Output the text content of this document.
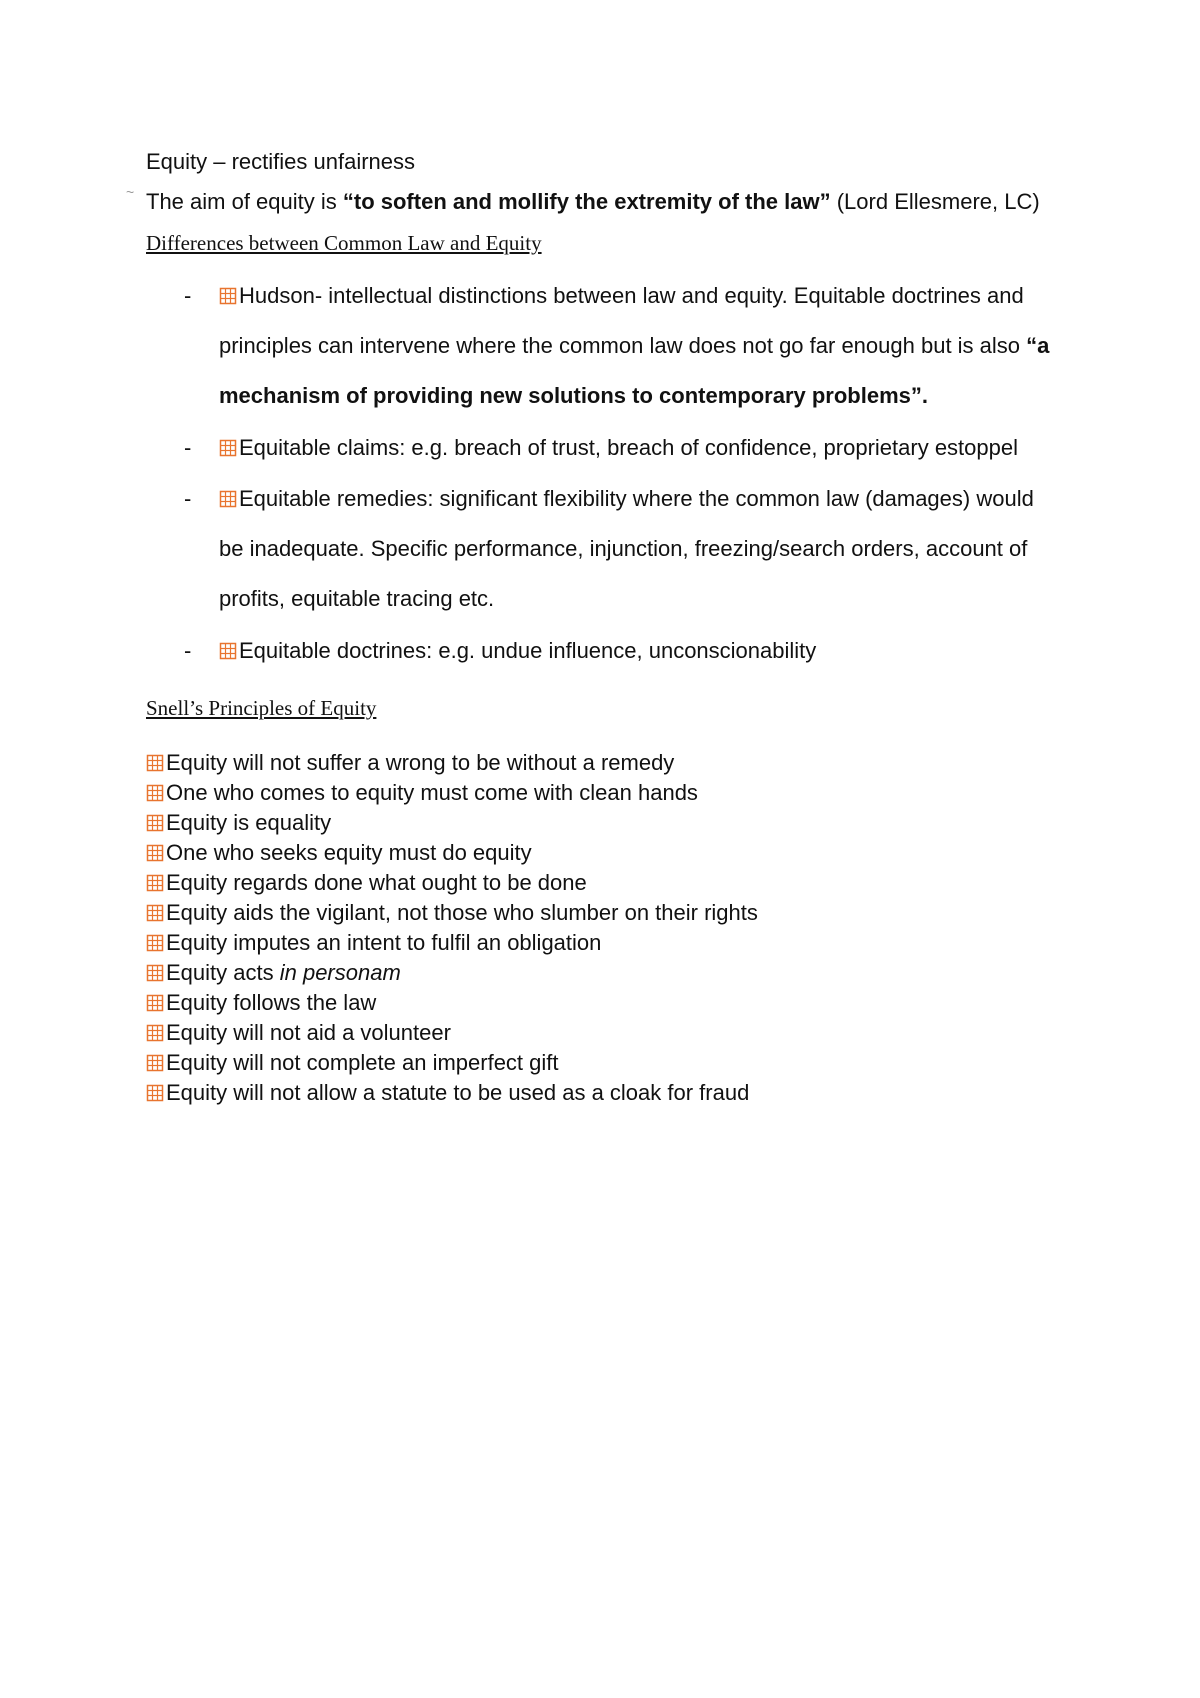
Equity – rectifies unfairness
~ The aim of equity is “to soften and mollify the extremity of the law” (Lord Ellesmere, LC)
Differences between Common Law and Equity
-	Hudson- intellectual distinctions between law and equity. Equitable doctrines and
principles can intervene where the common law does not go far enough but is also “a
mechanism of providing new solutions to contemporary problems”.
-	Equitable claims: e.g. breach of trust, breach of confidence, proprietary estoppel
-	Equitable remedies: significant flexibility where the common law (damages) would
be inadequate. Specific performance, injunction, freezing/search orders, account of
profits, equitable tracing etc.
-	Equitable doctrines: e.g. undue influence, unconscionability
Snell’s Principles of Equity
Equity will not suffer a wrong to be without a remedy
One who comes to equity must come with clean hands
Equity is equality
One who seeks equity must do equity
Equity regards done what ought to be done
Equity aids the vigilant, not those who slumber on their rights
Equity imputes an intent to fulfil an obligation
Equity acts in personam
Equity follows the law
Equity will not aid a volunteer
Equity will not complete an imperfect gift
Equity will not allow a statute to be used as a cloak for fraud
